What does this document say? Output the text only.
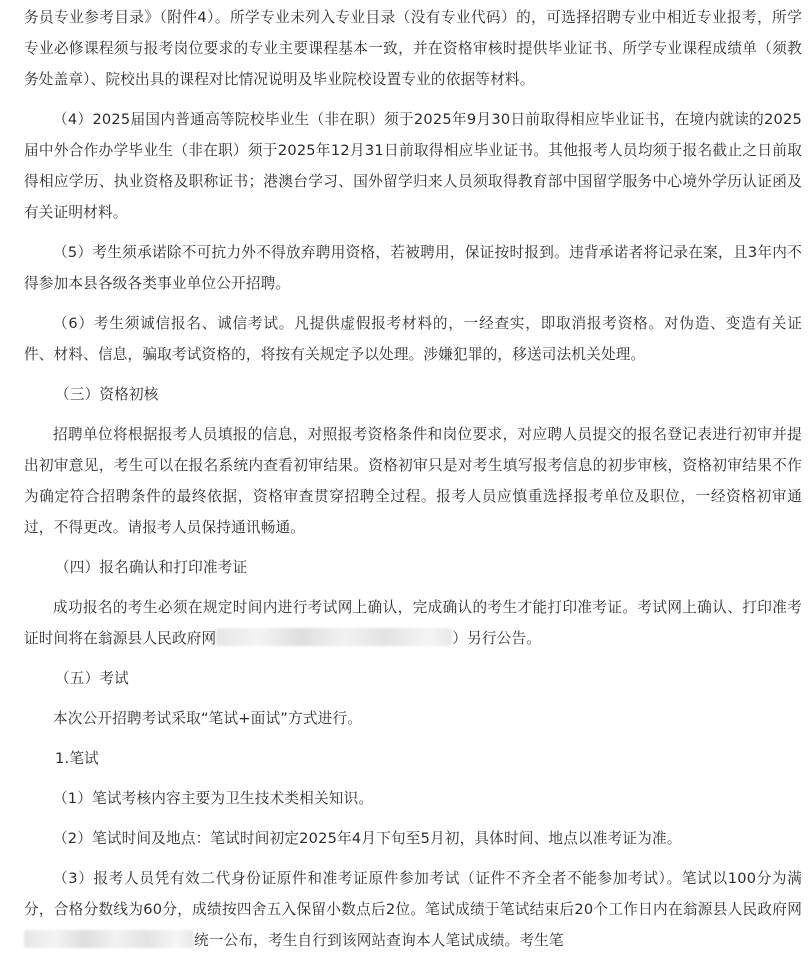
务员专业参考目录》（附件4）。所学专业未列入专业目录（没有专业代码）的，可选择招聘专业中相近专业报考，所学专业必修课程须与报考岗位要求的专业主要课程基本一致，并在资格审核时提供毕业证书、所学专业课程成绩单（须教务处盖章）、院校出具的课程对比情况说明及毕业院校设置专业的依据等材料。

（4）2025届国内普通高等院校毕业生（非在职）须于2025年9月30日前取得相应毕业证书，在境内就读的2025届中外合作办学毕业生（非在职）须于2025年12月31日前取得相应毕业证书。其他报考人员均须于报名截止之日前取得相应学历、执业资格及职称证书；港澳台学习、国外留学归来人员须取得教育部中国留学服务中心境外学历认证函及有关证明材料。

（5）考生须承诺除不可抗力外不得放弃聘用资格，若被聘用，保证按时报到。违背承诺者将记录在案，且3年内不得参加本县各级各类事业单位公开招聘。

（6）考生须诚信报名、诚信考试。凡提供虚假报考材料的，一经查实，即取消报考资格。对伪造、变造有关证件、材料、信息，骗取考试资格的，将按有关规定予以处理。涉嫌犯罪的，移送司法机关处理。

（三）资格初核

招聘单位将根据报考人员填报的信息，对照报考资格条件和岗位要求，对应聘人员提交的报名登记表进行初审并提出初审意见，考生可以在报名系统内查看初审结果。资格初审只是对考生填写报考信息的初步审核，资格初审结果不作为确定符合招聘条件的最终依据，资格审查贯穿招聘全过程。报考人员应慎重选择报考单位及职位，一经资格初审通过，不得更改。请报考人员保持通讯畅通。

（四）报名确认和打印准考证

成功报名的考生必须在规定时间内进行考试网上确认，完成确认的考生才能打印准考证。考试网上确认、打印准考证时间将在翁源县人民政府网	）另行公告。

（五）考试

本次公开招聘考试采取“笔试+面试”方式进行。

1.笔试

（1）笔试考核内容主要为卫生技术类相关知识。

（2）笔试时间及地点：笔试时间初定2025年4月下旬至5月初，具体时间、地点以准考证为准。

（3）报考人员凭有效二代身份证原件和准考证原件参加考试（证件不齐全者不能参加考试）。笔试以100分为满分，合格分数线为60分，成绩按四舍五入保留小数点后2位。笔试成绩于笔试结束后20个工作日内在翁源县人民政府网统一公布，考生自行到该网站查询本人笔试成绩。考生笔
